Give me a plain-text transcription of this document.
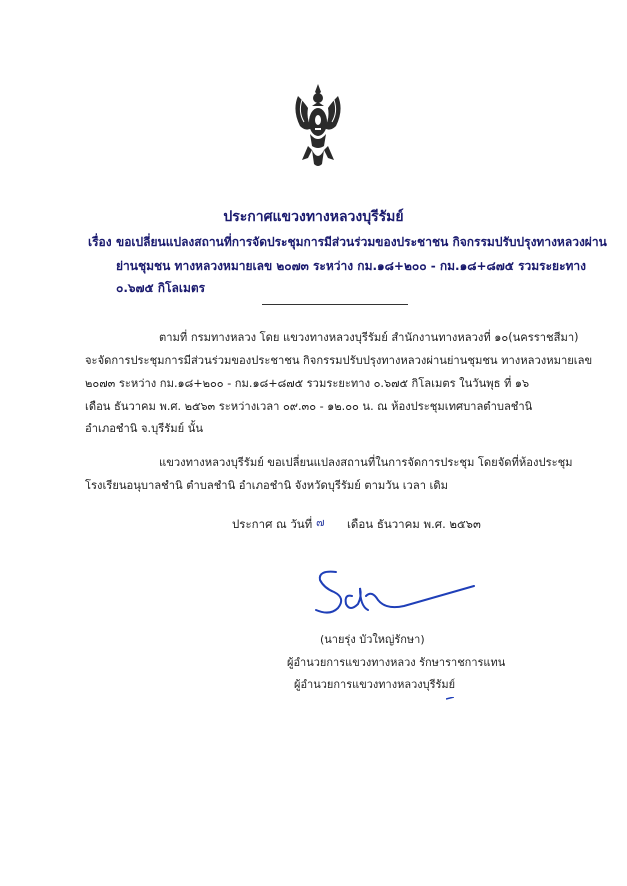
ประกาศแขวงทางหลวงบุรีรัมย์
เรื่อง ขอเปลี่ยนแปลงสถานที่การจัดประชุมการมีส่วนร่วมของประชาชน กิจกรรมปรับปรุงทางหลวงผ่าน
ย่านชุมชน ทางหลวงหมายเลข ๒๐๗๓ ระหว่าง กม.๑๘+๒๐๐ - กม.๑๘+๘๗๕ รวมระยะทาง
๐.๖๗๕ กิโลเมตร
ตามที่ กรมทางหลวง โดย แขวงทางหลวงบุรีรัมย์ สำนักงานทางหลวงที่ ๑๐(นครราชสีมา)
จะจัดการประชุมการมีส่วนร่วมของประชาชน กิจกรรมปรับปรุงทางหลวงผ่านย่านชุมชน ทางหลวงหมายเลข
๒๐๗๓ ระหว่าง กม.๑๘+๒๐๐ - กม.๑๘+๘๗๕ รวมระยะทาง ๐.๖๗๕ กิโลเมตร ในวันพุธ ที่ ๑๖
เดือน ธันวาคม พ.ศ. ๒๕๖๓ ระหว่างเวลา ๐๙.๓๐ - ๑๒.๐๐ น. ณ ห้องประชุมเทศบาลตำบลชำนิ
อำเภอชำนิ จ.บุรีรัมย์ นั้น
แขวงทางหลวงบุรีรัมย์ ขอเปลี่ยนแปลงสถานที่ในการจัดการประชุม โดยจัดที่ห้องประชุม
โรงเรียนอนุบาลชำนิ ตำบลชำนิ อำเภอชำนิ จังหวัดบุรีรัมย์ ตามวัน เวลา เดิม
ประกาศ ณ วันที่ ๗ เดือน ธันวาคม พ.ศ. ๒๕๖๓
(นายรุ่ง บัวใหญ่รักษา)
ผู้อำนวยการแขวงทางหลวง รักษาราชการแทน
ผู้อำนวยการแขวงทางหลวงบุรีรัมย์
